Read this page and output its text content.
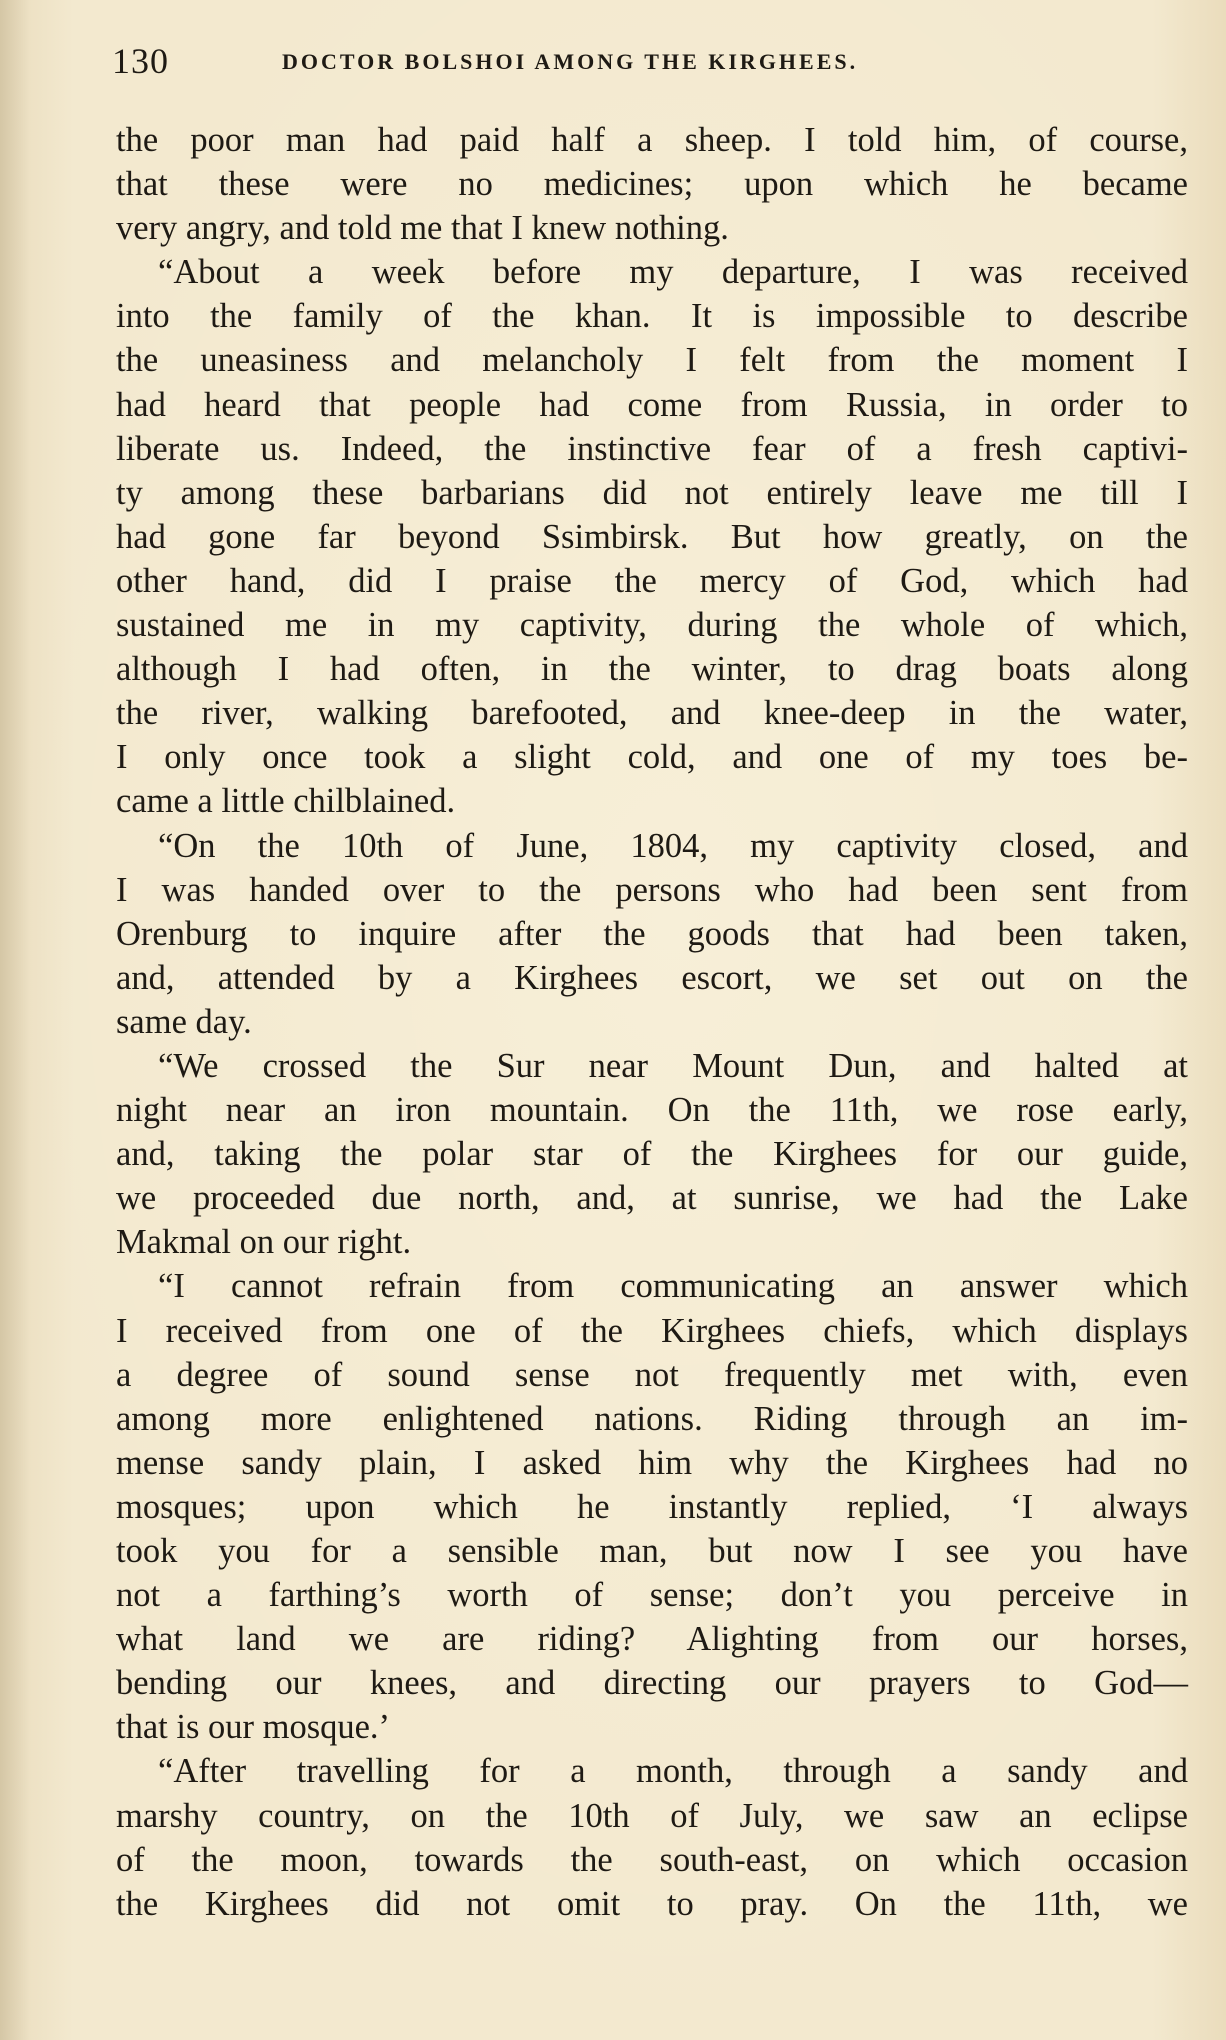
130	DOCTOR BOLSHOI AMONG THE KIRGHEES.
the poor man had paid half a sheep. I told him, of course,
that these were no medicines; upon which he became
very angry, and told me that I knew nothing.
“About a week before my departure, I was received
into the family of the khan. It is impossible to describe
the uneasiness and melancholy I felt from the moment I
had heard that people had come from Russia, in order to
liberate us. Indeed, the instinctive fear of a fresh captivi-
ty among these barbarians did not entirely leave me till I
had gone far beyond Ssimbirsk. But how greatly, on the
other hand, did I praise the mercy of God, which had
sustained me in my captivity, during the whole of which,
although I had often, in the winter, to drag boats along
the river, walking barefooted, and knee-deep in the water,
I only once took a slight cold, and one of my toes be-
came a little chilblained.
“On the 10th of June, 1804, my captivity closed, and
I was handed over to the persons who had been sent from
Orenburg to inquire after the goods that had been taken,
and, attended by a Kirghees escort, we set out on the
same day.
“We crossed the Sur near Mount Dun, and halted at
night near an iron mountain. On the 11th, we rose early,
and, taking the polar star of the Kirghees for our guide,
we proceeded due north, and, at sunrise, we had the Lake
Makmal on our right.
“I cannot refrain from communicating an answer which
I received from one of the Kirghees chiefs, which displays
a degree of sound sense not frequently met with, even
among more enlightened nations. Riding through an im-
mense sandy plain, I asked him why the Kirghees had no
mosques; upon which he instantly replied, ‘I always
took you for a sensible man, but now I see you have
not a farthing’s worth of sense; don’t you perceive in
what land we are riding? Alighting from our horses,
bending our knees, and directing our prayers to God—
that is our mosque.’
“After travelling for a month, through a sandy and
marshy country, on the 10th of July, we saw an eclipse
of the moon, towards the south-east, on which occasion
the Kirghees did not omit to pray. On the 11th, we
